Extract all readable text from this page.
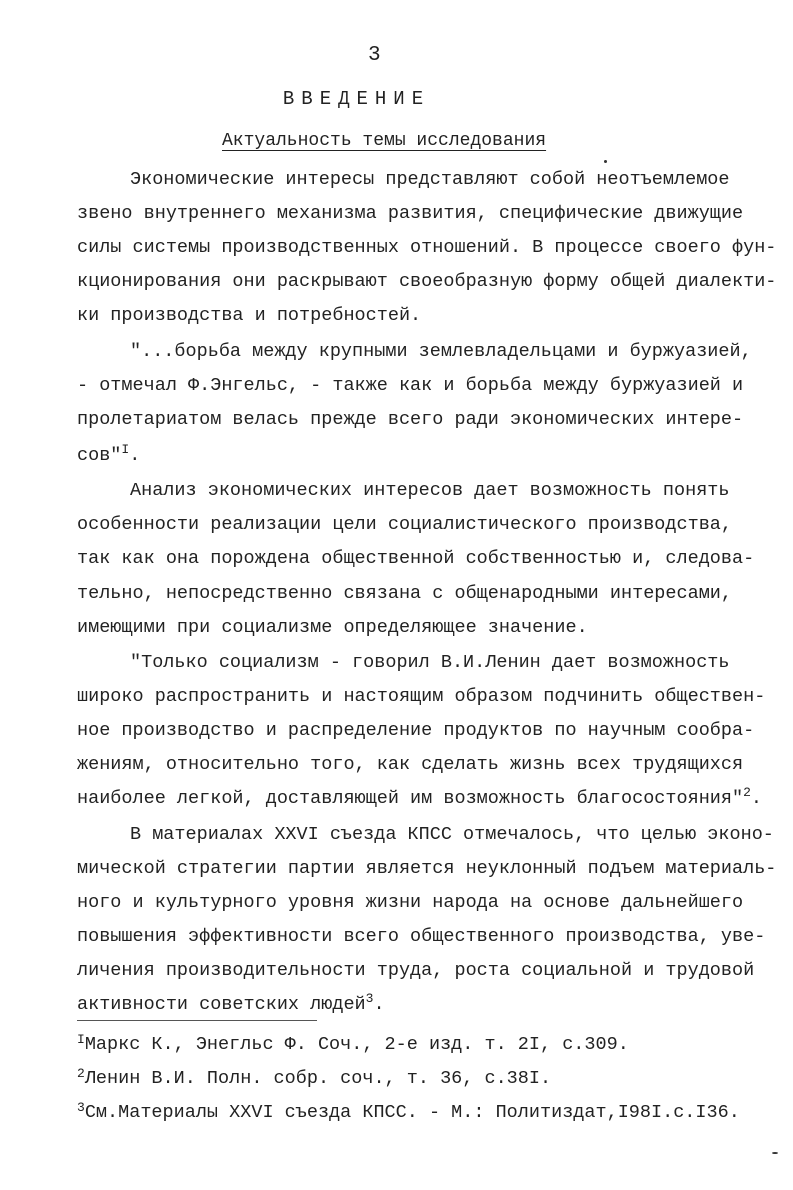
3
ВВЕДЕНИЕ
Актуальность темы исследования
Экономические интересы представляют собой неотъемлемое
звено внутреннего механизма развития, специфические движущие
силы системы производственных отношений. В процессе своего фун-
кционирования они раскрывают своеобразную форму общей диалекти-
ки производства и потребностей.
"...борьба между крупными землевладельцами и буржуазией,
- отмечал Ф.Энгельс, - также как и борьба между буржуазией и
пролетариатом велась прежде всего ради экономических интере-
сов"$^I$.
Анализ экономических интересов дает возможность понять
особенности реализации цели социалистического производства,
так как она порождена общественной собственностью и, следова-
тельно, непосредственно связана с общенародными интересами,
имеющими при социализме определяющее значение.
"Только социализм - говорил В.И.Ленин дает возможность
широко распространить и настоящим образом подчинить обществен-
ное производство и распределение продуктов по научным сообра-
жениям, относительно того, как сделать жизнь всех трудящихся
наиболее легкой, доставляющей им возможность благосостояния"$^2$.
В материалах XXVI съезда КПСС отмечалось, что целью эконо-
мической стратегии партии является неуклонный подъем материаль-
ного и культурного уровня жизни народа на основе дальнейшего
повышения эффективности всего общественного производства, уве-
личения производительности труда, роста социальной и трудовой
активности советских людей$^3$.
$^I$Маркс К., Энегльс Ф. Соч., 2-е изд. т. 2I, с.309.
$^2$Ленин В.И. Полн. собр. соч., т. 36, с.38I.
$^3$См.Материалы XXVI съезда КПСС. - М.: Политиздат,I98I.с.I36.
